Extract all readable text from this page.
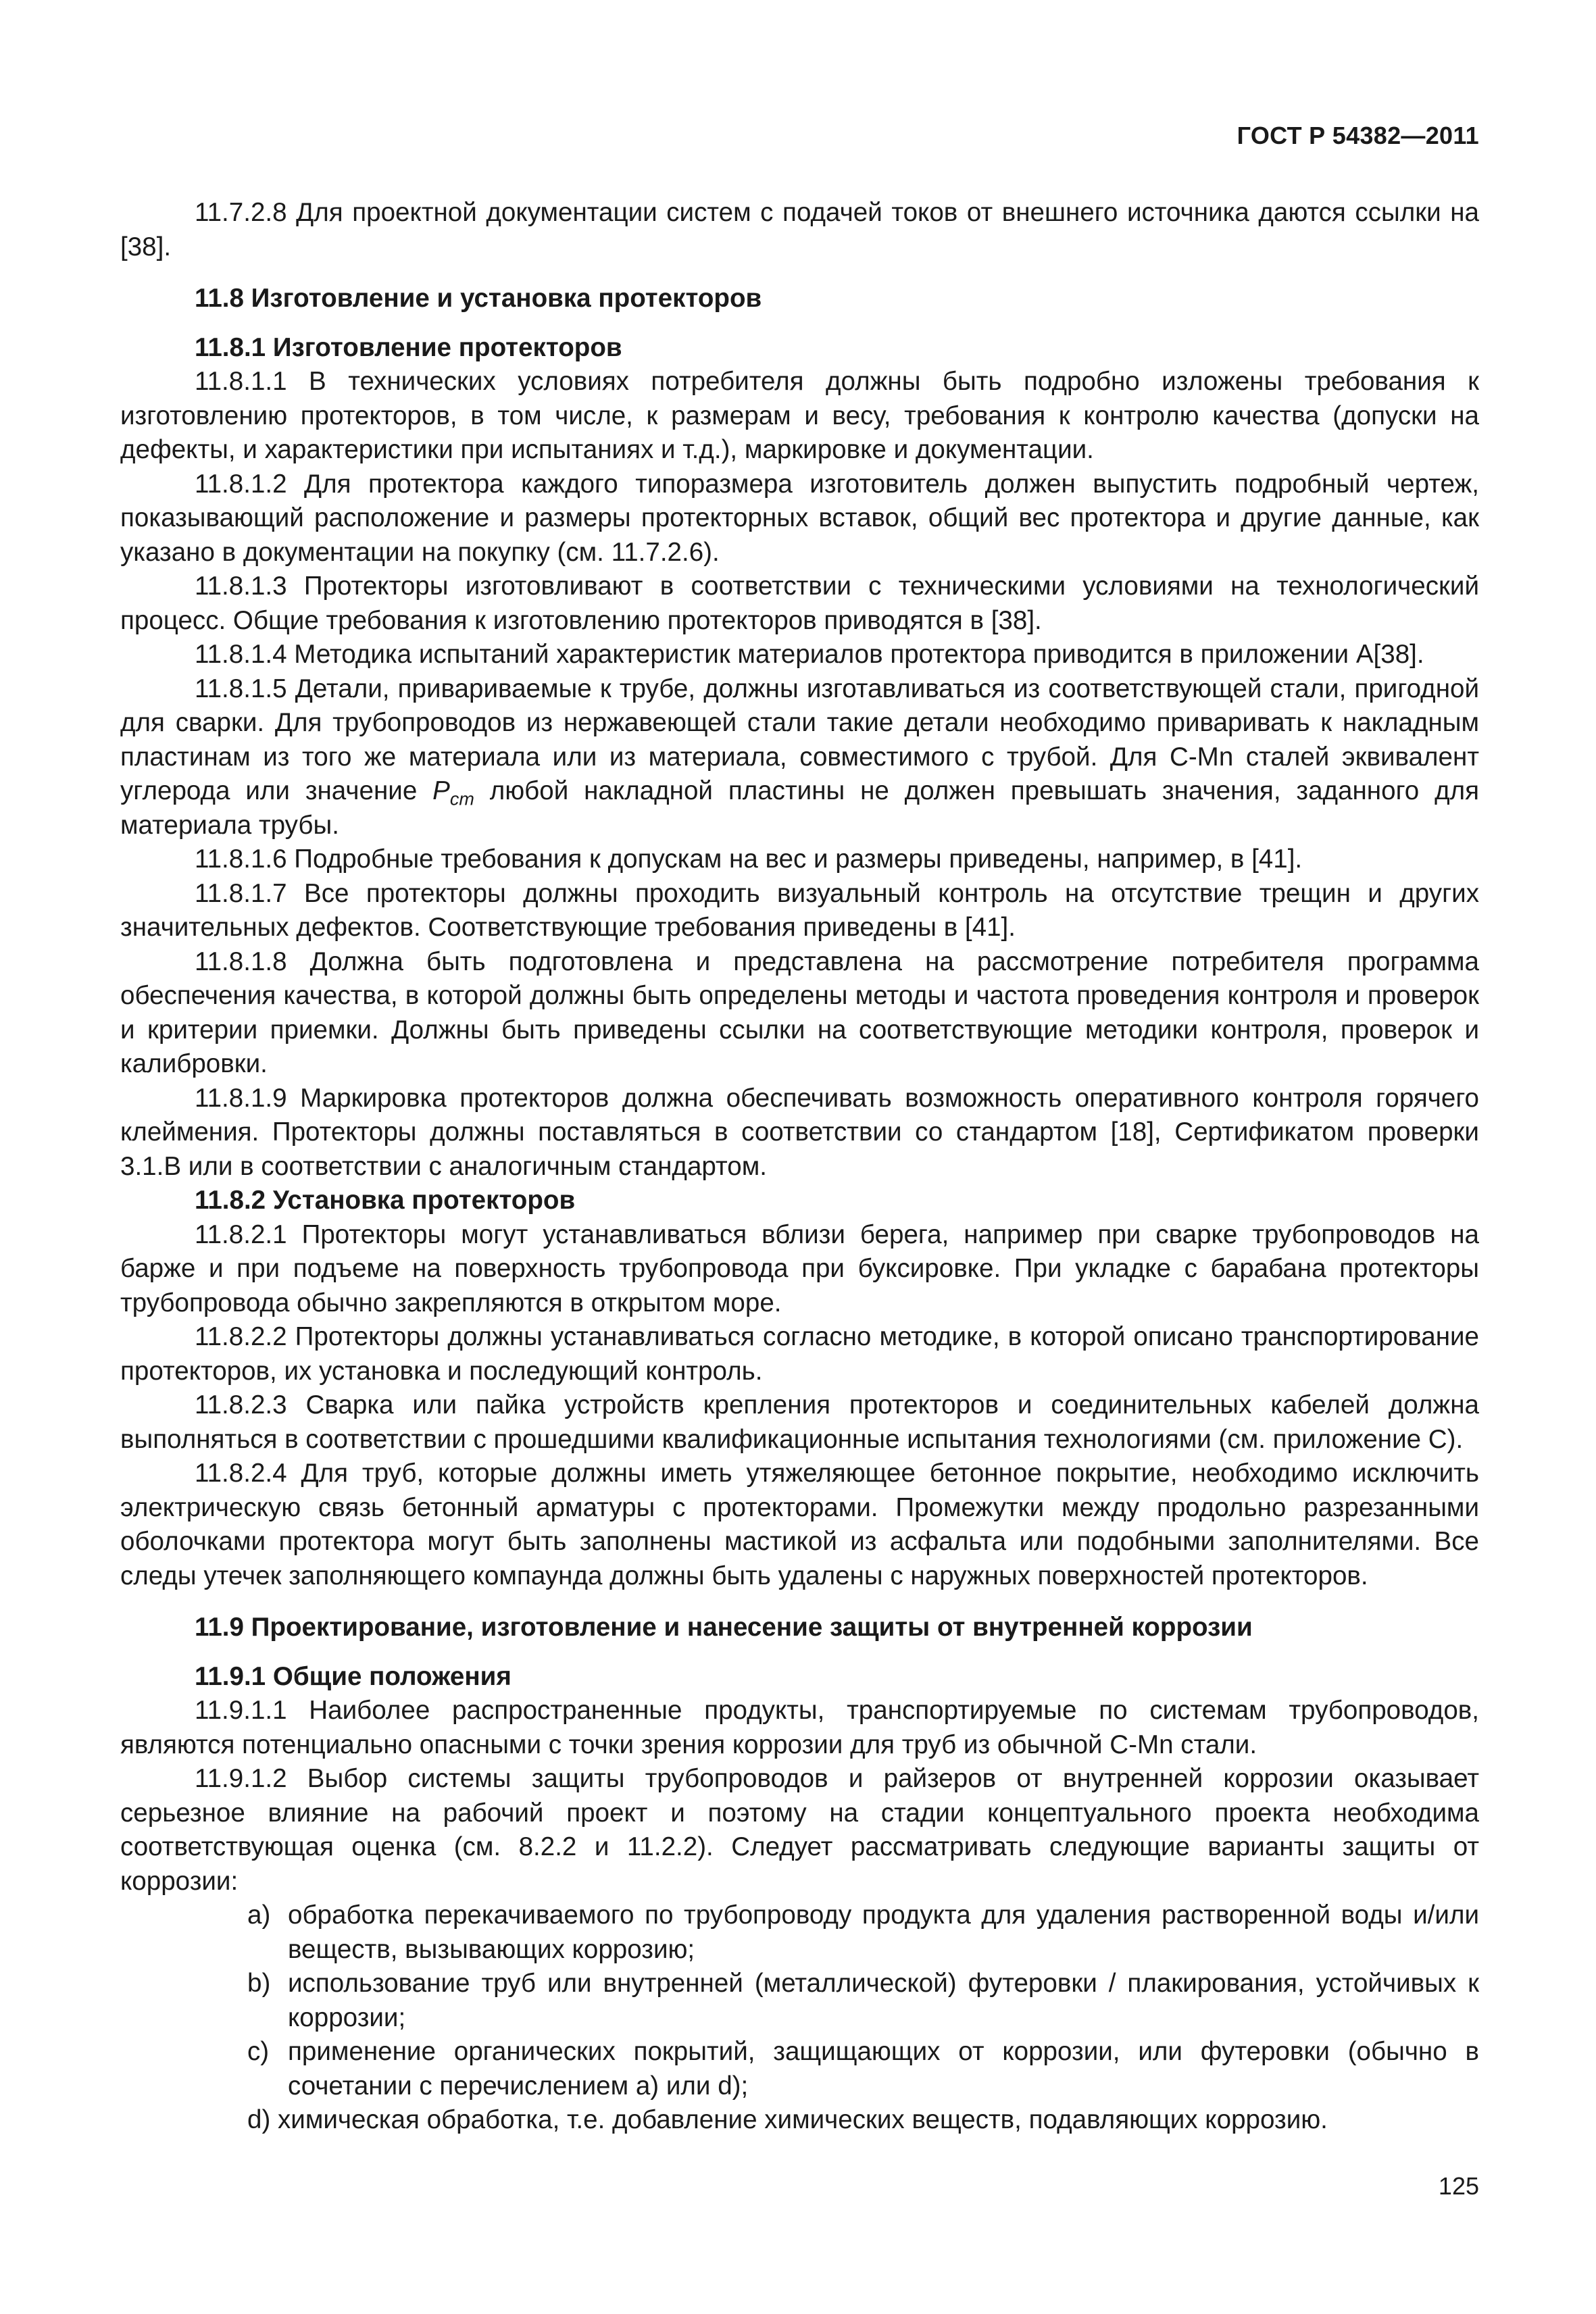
ГОСТ Р 54382—2011

11.7.2.8 Для проектной документации систем с подачей токов от внешнего источника даются ссылки на [38].

11.8 Изготовление и установка протекторов
11.8.1 Изготовление протекторов

11.8.1.1 В технических условиях потребителя должны быть подробно изложены требования к изготовлению протекторов, в том числе, к размерам и весу, требования к контролю качества (допуски на дефекты, и характеристики при испытаниях и т.д.), маркировке и документации.

11.8.1.2 Для протектора каждого типоразмера изготовитель должен выпустить подробный чертеж, показывающий расположение и размеры протекторных вставок, общий вес протектора и другие данные, как указано в документации на покупку (см. 11.7.2.6).

11.8.1.3 Протекторы изготовливают в соответствии с техническими условиями на технологический процесс. Общие требования к изготовлению протекторов приводятся в [38].

11.8.1.4 Методика испытаний характеристик материалов протектора приводится в приложении А[38].

11.8.1.5 Детали, привариваемые к трубе, должны изготавливаться из соответствующей стали, пригодной для сварки. Для трубопроводов из нержавеющей стали такие детали необходимо приваривать к накладным пластинам из того же материала или из материала, совместимого с трубой. Для C-Mn сталей эквивалент углерода или значение $P_{cm}$ любой накладной пластины не должен превышать значения, заданного для материала трубы.

11.8.1.6 Подробные требования к допускам на вес и размеры приведены, например, в [41].

11.8.1.7 Все протекторы должны проходить визуальный контроль на отсутствие трещин и других значительных дефектов. Соответствующие требования приведены в [41].

11.8.1.8 Должна быть подготовлена и представлена на рассмотрение потребителя программа обеспечения качества, в которой должны быть определены методы и частота проведения контроля и проверок и критерии приемки. Должны быть приведены ссылки на соответствующие методики контроля, проверок и калибровки.

11.8.1.9 Маркировка протекторов должна обеспечивать возможность оперативного контроля горячего клеймения. Протекторы должны поставляться в соответствии со стандартом [18], Сертификатом проверки 3.1.В или в соответствии с аналогичным стандартом.

11.8.2 Установка протекторов

11.8.2.1 Протекторы могут устанавливаться вблизи берега, например при сварке трубопроводов на барже и при подъеме на поверхность трубопровода при буксировке. При укладке с барабана протекторы трубопровода обычно закрепляются в открытом море.

11.8.2.2 Протекторы должны устанавливаться согласно методике, в которой описано транспортирование протекторов, их установка и последующий контроль.

11.8.2.3 Сварка или пайка устройств крепления протекторов и соединительных кабелей должна выполняться в соответствии с прошедшими квалификационные испытания технологиями (см. приложение С).

11.8.2.4 Для труб, которые должны иметь утяжеляющее бетонное покрытие, необходимо исключить электрическую связь бетонный арматуры с протекторами. Промежутки между продольно разрезанными оболочками протектора могут быть заполнены мастикой из асфальта или подобными заполнителями. Все следы утечек заполняющего компаунда должны быть удалены с наружных поверхностей протекторов.

11.9 Проектирование, изготовление и нанесение защиты от внутренней коррозии
11.9.1 Общие положения

11.9.1.1 Наиболее распространенные продукты, транспортируемые по системам трубопроводов, являются потенциально опасными с точки зрения коррозии для труб из обычной C-Mn стали.

11.9.1.2 Выбор системы защиты трубопроводов и райзеров от внутренней коррозии оказывает серьезное влияние на рабочий проект и поэтому на стадии концептуального проекта необходима соответствующая оценка (см. 8.2.2 и 11.2.2). Следует рассматривать следующие варианты защиты от коррозии:

а) обработка перекачиваемого по трубопроводу продукта для удаления растворенной воды и/или веществ, вызывающих коррозию;
b) использование труб или внутренней (металлической) футеровки / плакирования, устойчивых к коррозии;
с) применение органических покрытий, защищающих от коррозии, или футеровки (обычно в сочетании с перечислением а) или d);
d) химическая обработка, т.е. добавление химических веществ, подавляющих коррозию.
125
